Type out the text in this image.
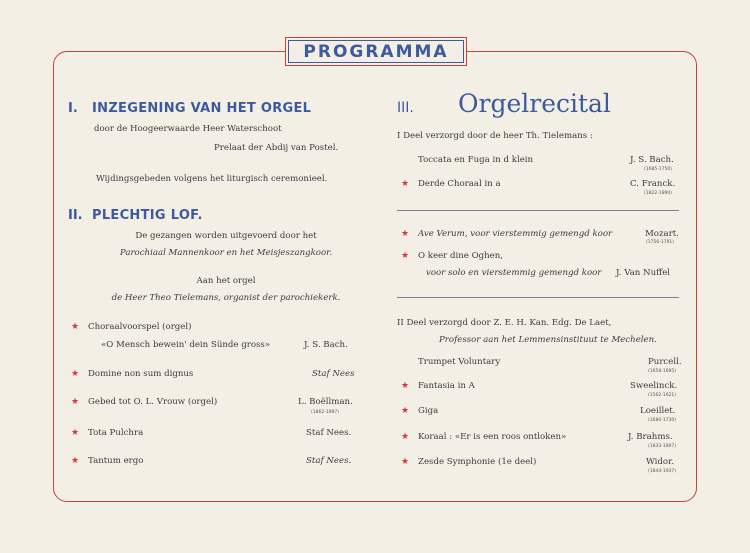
PROGRAMMA
I. INZEGENING VAN HET ORGEL
door de Hoogeerwaarde Heer Waterschoot
Prelaat der Abdij van Postel.
Wijdingsgebeden volgens het liturgisch ceremonieel.
II. PLECHTIG LOF.
De gezangen worden uitgevoerd door het
Parochiaal Mannenkoor en het Meisjeszangkoor.
Aan het orgel
de Heer Theo Tielemans, organist der parochiekerk.
★ Choraalvoorspel (orgel)
«O Mensch bewein' dein Sünde gross»	J. S. Bach.
★ Domine non sum dignus	Staf Nees
★ Gebed tot O. L. Vrouw (orgel)	L. Boëllman.
(1862-1897)
★ Tota Pulchra	Staf Nees.
★ Tantum ergo	Staf Nees.
III. Orgelrecital
I Deel verzorgd door de heer Th. Tielemans :
Toccata en Fuga in d klein	J. S. Bach.
(1685-1750)
★ Derde Choraal in a	C. Franck.
(1822-1890)
★ Ave Verum, voor vierstemmig gemengd koor	Mozart.
(1756-1791)
★ O keer dine Oghen,
voor solo en vierstemmig gemengd koor J. Van Nuffel
II Deel verzorgd door Z. E. H. Kan. Edg. De Laet,
Professor aan het Lemmensinstituut te Mechelen.
Trumpet Voluntary	Purcell.
(1658-1695)
★ Fantasia in A	Sweelinck.
(1562-1621)
★ Giga	Loeillet.
(1680-1730)
★ Koraal : «Er is een roos ontloken»	J. Brahms.
(1833-1897)
★ Zesde Symphonie (1e deel)	Widor.
(1844-1937)
